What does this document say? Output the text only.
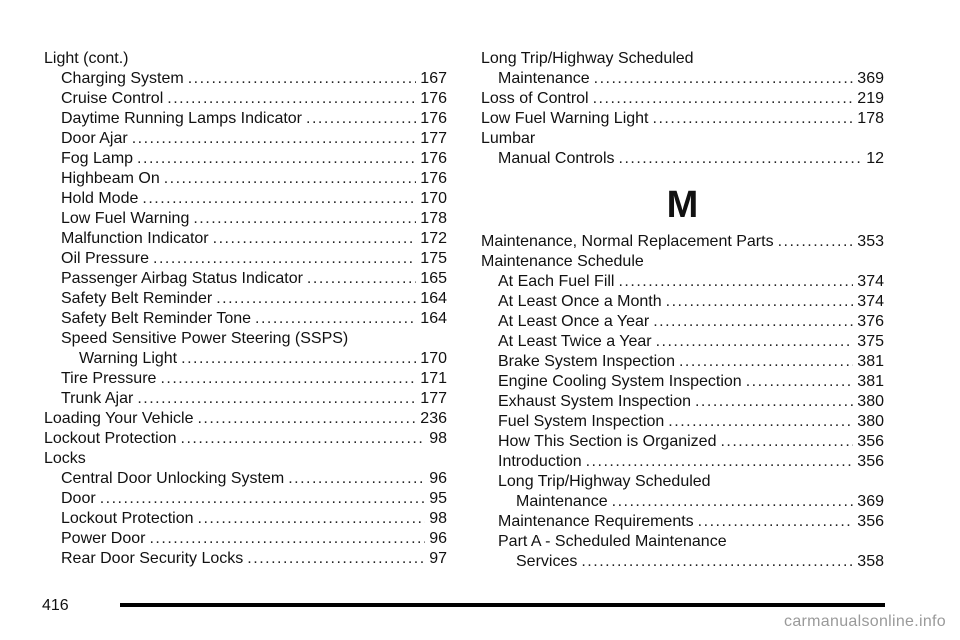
Light (cont.)
Charging System .....	167
Cruise Control .....	176
Daytime Running Lamps Indicator .....	176
Door Ajar .....	177
Fog Lamp .....	176
Highbeam On .....	176
Hold Mode .....	170
Low Fuel Warning .....	178
Malfunction Indicator .....	172
Oil Pressure .....	175
Passenger Airbag Status Indicator .....	165
Safety Belt Reminder .....	164
Safety Belt Reminder Tone .....	164
Speed Sensitive Power Steering (SSPS)
Warning Light .....	170
Tire Pressure .....	171
Trunk Ajar .....	177
Loading Your Vehicle .....	236
Lockout Protection .....	98
Locks
Central Door Unlocking System .....	96
Door .....	95
Lockout Protection .....	98
Power Door .....	96
Rear Door Security Locks .....	97
Long Trip/Highway Scheduled
Maintenance .....	369
Loss of Control .....	219
Low Fuel Warning Light .....	178
Lumbar
Manual Controls .....	12
M
Maintenance, Normal Replacement Parts .....	353
Maintenance Schedule
At Each Fuel Fill .....	374
At Least Once a Month .....	374
At Least Once a Year .....	376
At Least Twice a Year .....	375
Brake System Inspection .....	381
Engine Cooling System Inspection .....	381
Exhaust System Inspection .....	380
Fuel System Inspection .....	380
How This Section is Organized .....	356
Introduction .....	356
Long Trip/Highway Scheduled
Maintenance .....	369
Maintenance Requirements .....	356
Part A - Scheduled Maintenance
Services .....	358
416
carmanualsonline.info
